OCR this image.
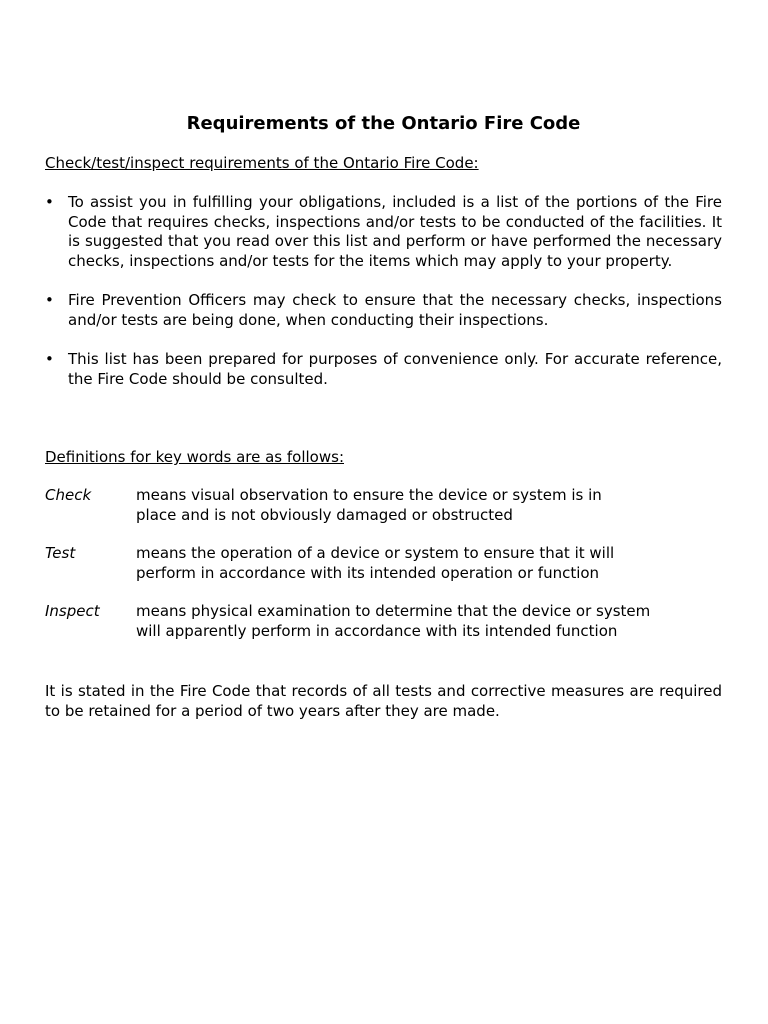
Requirements of the Ontario Fire Code

Check/test/inspect requirements of the Ontario Fire Code:

• To assist you in fulfilling your obligations, included is a list of the portions of the Fire Code that requires checks, inspections and/or tests to be conducted of the facilities. It is suggested that you read over this list and perform or have performed the necessary checks, inspections and/or tests for the items which may apply to your property.
• Fire Prevention Officers may check to ensure that the necessary checks, inspections and/or tests are being done, when conducting their inspections.
• This list has been prepared for purposes of convenience only. For accurate reference, the Fire Code should be consulted.

Definitions for key words are as follows:

Check	means visual observation to ensure the device or system is in
place and is not obviously damaged or obstructed
Test	means the operation of a device or system to ensure that it will
perform in accordance with its intended operation or function
Inspect	means physical examination to determine that the device or system
will apparently perform in accordance with its intended function

It is stated in the Fire Code that records of all tests and corrective measures are required to be retained for a period of two years after they are made.
